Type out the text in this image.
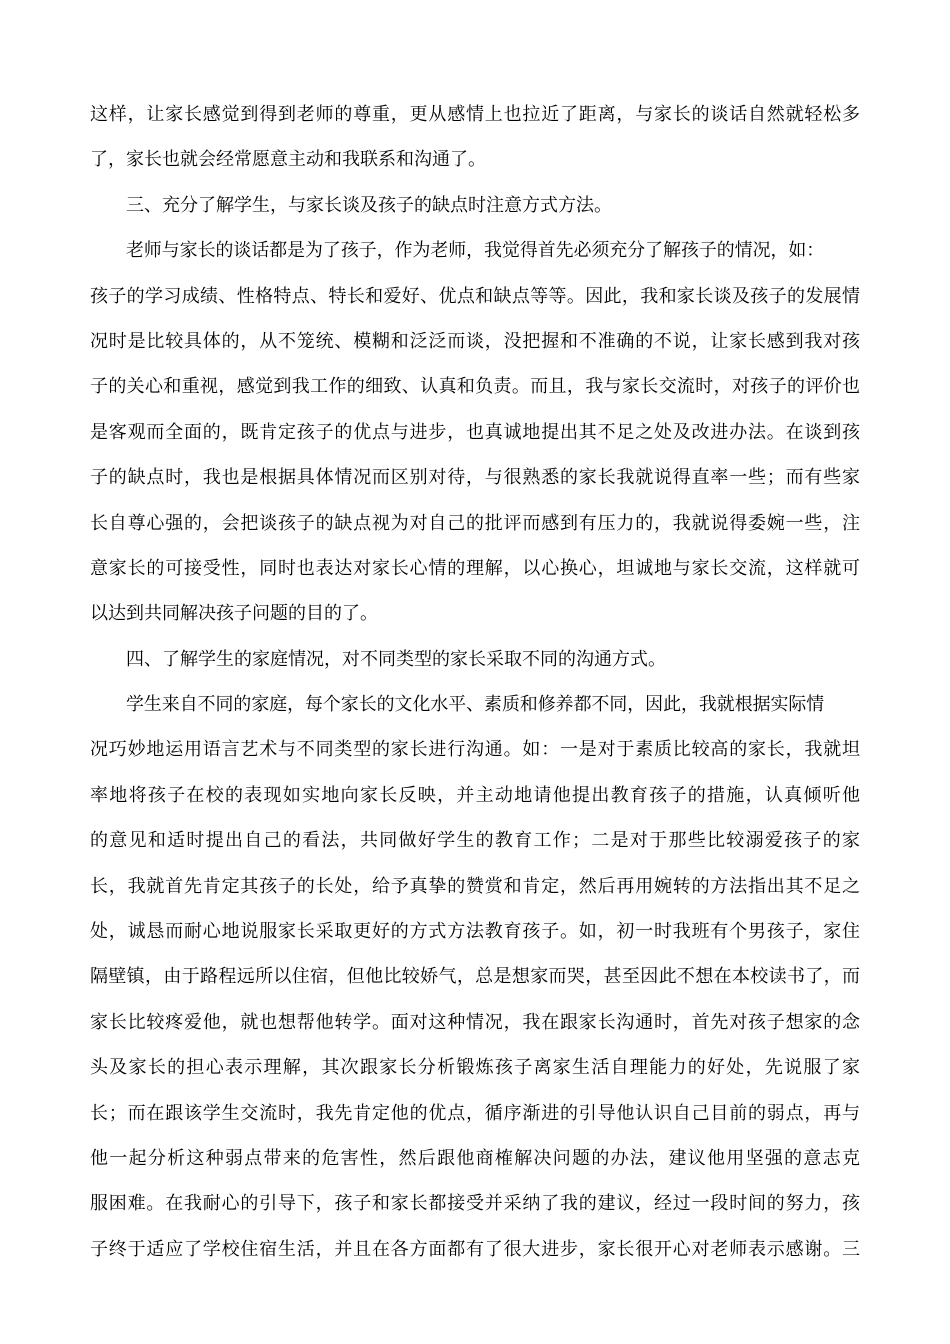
这样，让家长感觉到得到老师的尊重，更从感情上也拉近了距离，与家长的谈话自然就轻松多
了，家长也就会经常愿意主动和我联系和沟通了。
三、充分了解学生，与家长谈及孩子的缺点时注意方式方法。
老师与家长的谈话都是为了孩子，作为老师，我觉得首先必须充分了解孩子的情况，如：
孩子的学习成绩、性格特点、特长和爱好、优点和缺点等等。因此，我和家长谈及孩子的发展情
况时是比较具体的，从不笼统、模糊和泛泛而谈，没把握和不准确的不说，让家长感到我对孩
子的关心和重视，感觉到我工作的细致、认真和负责。而且，我与家长交流时，对孩子的评价也
是客观而全面的，既肯定孩子的优点与进步，也真诚地提出其不足之处及改进办法。在谈到孩
子的缺点时，我也是根据具体情况而区别对待，与很熟悉的家长我就说得直率一些；而有些家
长自尊心强的，会把谈孩子的缺点视为对自己的批评而感到有压力的，我就说得委婉一些，注
意家长的可接受性，同时也表达对家长心情的理解，以心换心，坦诚地与家长交流，这样就可
以达到共同解决孩子问题的目的了。
四、了解学生的家庭情况，对不同类型的家长采取不同的沟通方式。
学生来自不同的家庭，每个家长的文化水平、素质和修养都不同，因此，我就根据实际情
况巧妙地运用语言艺术与不同类型的家长进行沟通。如：一是对于素质比较高的家长，我就坦
率地将孩子在校的表现如实地向家长反映，并主动地请他提出教育孩子的措施，认真倾听他
的意见和适时提出自己的看法，共同做好学生的教育工作；二是对于那些比较溺爱孩子的家
长，我就首先肯定其孩子的长处，给予真挚的赞赏和肯定，然后再用婉转的方法指出其不足之
处，诚恳而耐心地说服家长采取更好的方式方法教育孩子。如，初一时我班有个男孩子，家住
隔壁镇，由于路程远所以住宿，但他比较娇气，总是想家而哭，甚至因此不想在本校读书了，而
家长比较疼爱他，就也想帮他转学。面对这种情况，我在跟家长沟通时，首先对孩子想家的念
头及家长的担心表示理解，其次跟家长分析锻炼孩子离家生活自理能力的好处，先说服了家
长；而在跟该学生交流时，我先肯定他的优点，循序渐进的引导他认识自己目前的弱点，再与
他一起分析这种弱点带来的危害性，然后跟他商榷解决问题的办法，建议他用坚强的意志克
服困难。在我耐心的引导下，孩子和家长都接受并采纳了我的建议，经过一段时间的努力，孩
子终于适应了学校住宿生活，并且在各方面都有了很大进步，家长很开心对老师表示感谢。三
